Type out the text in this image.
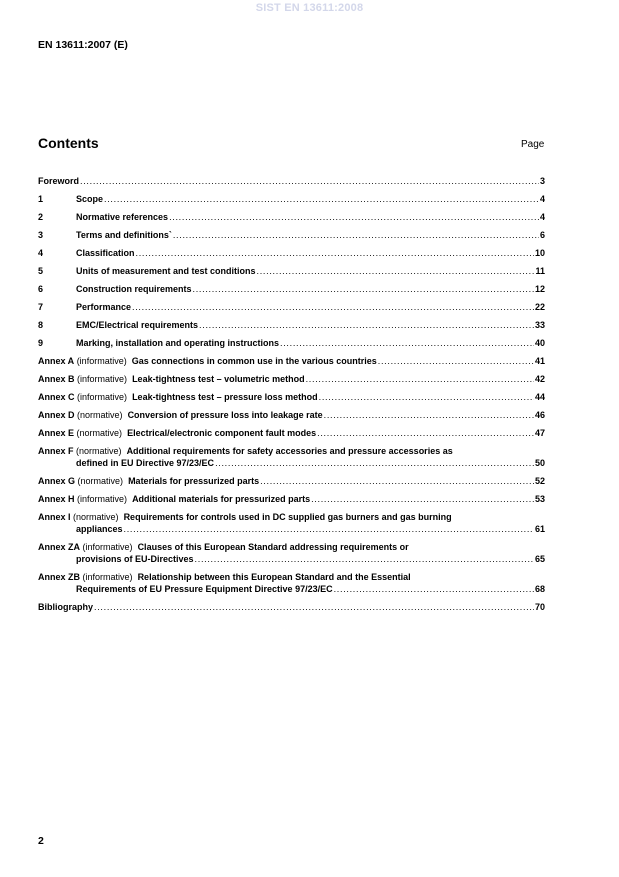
SIST EN 13611:2008
EN 13611:2007 (E)
Contents	Page
Foreword . . .	3
1	Scope . . .	4
2	Normative references . . .	4
3	Terms and definitions` . . .	6
4	Classification . . .	10
5	Units of measurement and test conditions . . .	11
6	Construction requirements . . .	12
7	Performance . . .	22
8	EMC/Electrical requirements . . .	33
9	Marking, installation and operating instructions . . .	40
Annex A (informative) Gas connections in common use in the various countries . . .	41
Annex B (informative) Leak-tightness test – volumetric method . . .	42
Annex C (informative) Leak-tightness test – pressure loss method . . .	44
Annex D (normative) Conversion of pressure loss into leakage rate . . .	46
Annex E (normative) Electrical/electronic component fault modes . . .	47
Annex F (normative) Additional requirements for safety accessories and pressure accessories as
defined in EU Directive 97/23/EC . . .	50
Annex G (normative) Materials for pressurized parts . . .	52
Annex H (informative) Additional materials for pressurized parts . . .	53
Annex I (normative) Requirements for controls used in DC supplied gas burners and gas burning
appliances . . .	61
Annex ZA (informative) Clauses of this European Standard addressing requirements or
provisions of EU-Directives . . .	65
Annex ZB (informative) Relationship between this European Standard and the Essential
Requirements of EU Pressure Equipment Directive 97/23/EC . . .	68
Bibliography . . .	70
2
